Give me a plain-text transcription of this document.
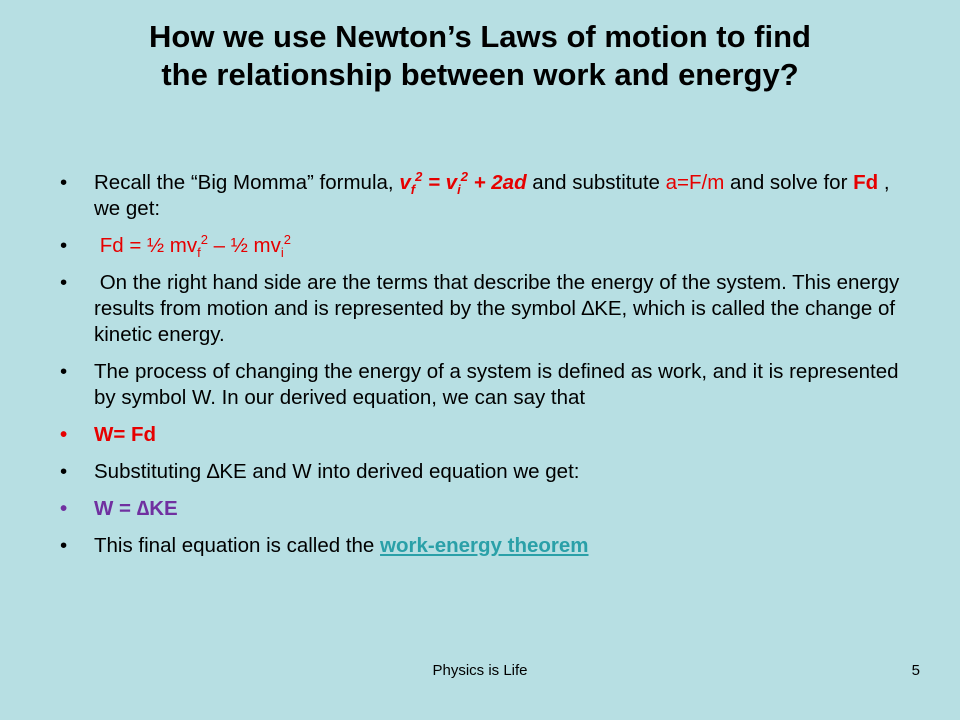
How we use Newton’s Laws of motion to find
the relationship between work and energy?
• Recall the “Big Momma” formula, $v_f^2 = v_i^2 + 2ad$ and substitute a=F/m and solve for Fd , we get:
• Fd = ½ $mv_f^2$ – ½ $mv_i^2$
• On the right hand side are the terms that describe the energy of the system. This energy results from motion and is represented by the symbol ∆KE, which is called the change of kinetic energy.
• The process of changing the energy of a system is defined as work, and it is represented by symbol W. In our derived equation, we can say that
• W= Fd
• Substituting ∆KE and W into derived equation we get:
• W = ∆KE
• This final equation is called the work-energy theorem
Physics is Life	5
